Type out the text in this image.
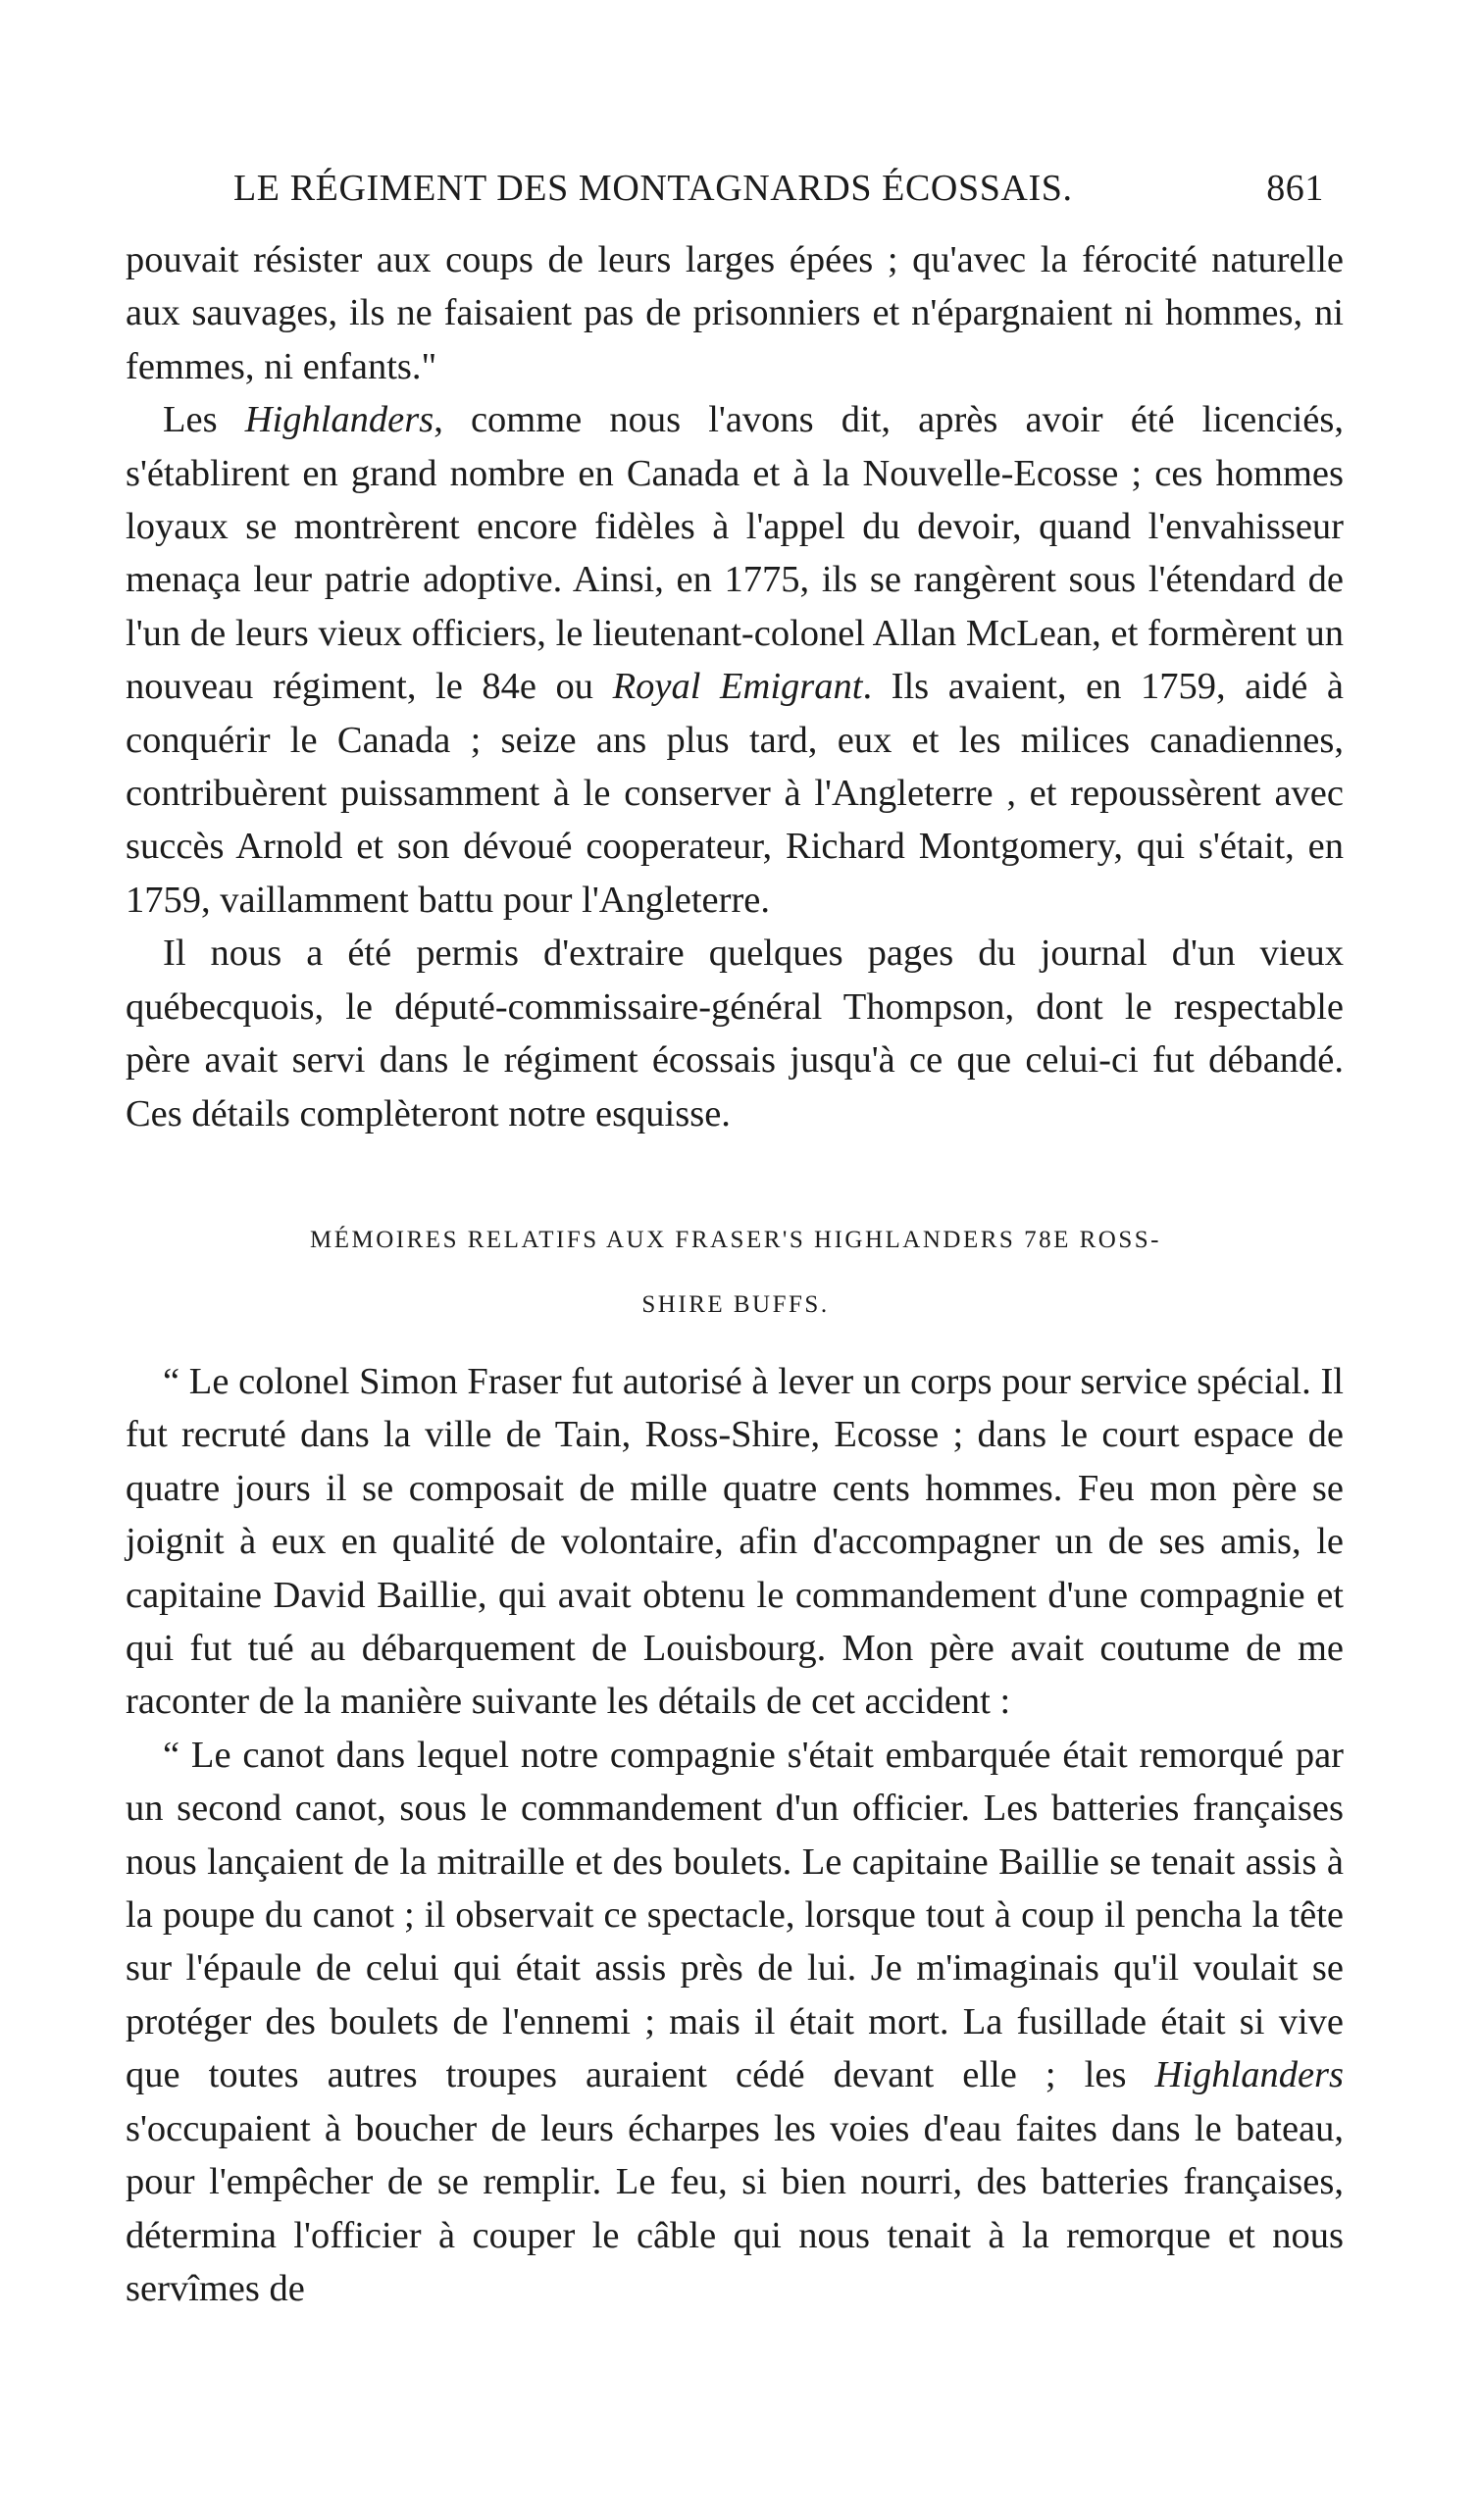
LE RÉGIMENT DES MONTAGNARDS ÉCOSSAIS.	861

pouvait résister aux coups de leurs larges épées ; qu'avec la férocité naturelle aux sauvages, ils ne faisaient pas de prisonniers et n'épargnaient ni hommes, ni femmes, ni enfants."

Les Highlanders, comme nous l'avons dit, après avoir été licenciés, s'établirent en grand nombre en Canada et à la Nouvelle-Ecosse ; ces hommes loyaux se montrèrent encore fidèles à l'appel du devoir, quand l'envahisseur menaça leur patrie adoptive. Ainsi, en 1775, ils se rangèrent sous l'étendard de l'un de leurs vieux officiers, le lieutenant-colonel Allan McLean, et formèrent un nouveau régiment, le 84e ou Royal Emigrant. Ils avaient, en 1759, aidé à conquérir le Canada ; seize ans plus tard, eux et les milices canadiennes, contribuèrent puissamment à le conserver à l'Angleterre , et repoussèrent avec succès Arnold et son dévoué cooperateur, Richard Montgomery, qui s'était, en 1759, vaillamment battu pour l'Angleterre.

Il nous a été permis d'extraire quelques pages du journal d'un vieux québecquois, le député-commissaire-général Thompson, dont le respectable père avait servi dans le régiment écossais jusqu'à ce que celui-ci fut débandé. Ces détails complèteront notre esquisse.

MÉMOIRES RELATIFS AUX FRASER'S HIGHLANDERS 78E ROSS-
SHIRE BUFFS.

“ Le colonel Simon Fraser fut autorisé à lever un corps pour service spécial. Il fut recruté dans la ville de Tain, Ross-Shire, Ecosse ; dans le court espace de quatre jours il se composait de mille quatre cents hommes. Feu mon père se joignit à eux en qualité de volontaire, afin d'accompagner un de ses amis, le capitaine David Baillie, qui avait obtenu le commandement d'une compagnie et qui fut tué au débarquement de Louisbourg. Mon père avait coutume de me raconter de la manière suivante les détails de cet accident :

“ Le canot dans lequel notre compagnie s'était embarquée était remorqué par un second canot, sous le commandement d'un officier. Les batteries françaises nous lançaient de la mitraille et des boulets. Le capitaine Baillie se tenait assis à la poupe du canot ; il observait ce spectacle, lorsque tout à coup il pencha la tête sur l'épaule de celui qui était assis près de lui. Je m'imaginais qu'il voulait se protéger des boulets de l'ennemi ; mais il était mort. La fusillade était si vive que toutes autres troupes auraient cédé devant elle ; les Highlanders s'occupaient à boucher de leurs écharpes les voies d'eau faites dans le bateau, pour l'empêcher de se remplir. Le feu, si bien nourri, des batteries françaises, détermina l'officier à couper le câble qui nous tenait à la remorque et nous servîmes de
